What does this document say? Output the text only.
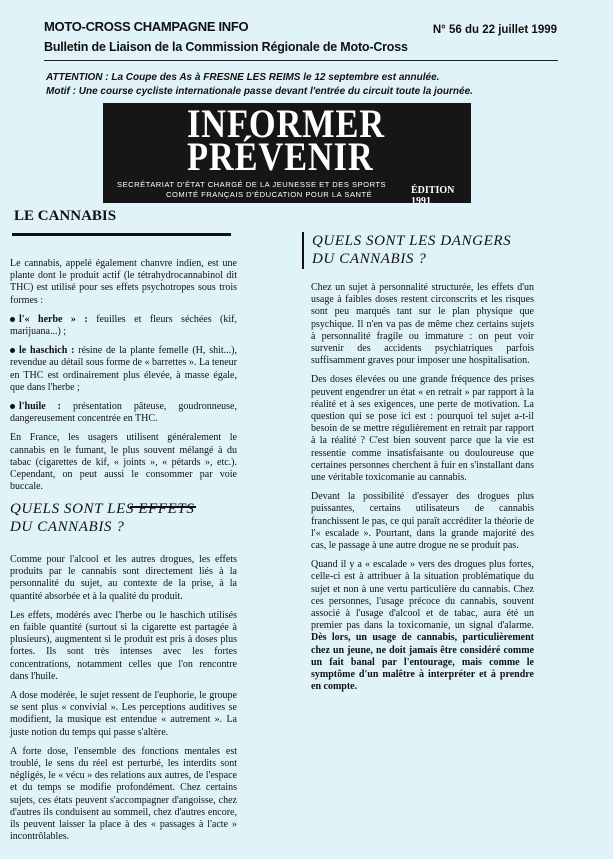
MOTO-CROSS CHAMPAGNE INFO
Bulletin de Liaison de la Commission Régionale de Moto-Cross
N° 56 du 22 juillet 1999
ATTENTION : La Coupe des As à FRESNE LES REIMS le 12 septembre est annulée.
Motif : Une course cycliste internationale passe devant l'entrée du circuit toute la journée.
INFORMER
PRÉVENIR
SECRÉTARIAT D'ÉTAT CHARGÉ DE LA JEUNESSE ET DES SPORTS
COMITÉ FRANÇAIS D'ÉDUCATION POUR LA SANTÉ	ÉDITION 1991
LE CANNABIS

Le cannabis, appelé également chanvre indien, est une plante dont le produit actif (le tétrahydrocannabinol dit THC) est utilisé pour ses effets psychotropes sous trois formes :

l'« herbe » : feuilles et fleurs séchées (kif, marijuana...) ;

le haschich : résine de la plante femelle (H, shit...), revendue au détail sous forme de « barrettes ». La teneur en THC est ordinairement plus élevée, à masse égale, que dans l'herbe ;

l'huile : présentation pâteuse, goudronneuse, dangereusement concentrée en THC.

En France, les usagers utilisent généralement le cannabis en le fumant, le plus souvent mélangé à du tabac (cigarettes de kif, « joints », « pétards », etc.). Cependant, on peut aussi le consommer par voie buccale.

QUELS SONT LES EFFETS DU CANNABIS ?

Comme pour l'alcool et les autres drogues, les effets produits par le cannabis sont directement liés à la personnalité du sujet, au contexte de la prise, à la quantité absorbée et à la qualité du produit.

Les effets, modérés avec l'herbe ou le haschich utilisés en faible quantité (surtout si la cigarette est partagée à plusieurs), augmentent si le produit est pris à doses plus fortes. Ils sont très intenses avec les fortes concentrations, notamment celles que l'on rencontre dans l'huile.

A dose modérée, le sujet ressent de l'euphorie, le groupe se sent plus « convivial ». Les perceptions auditives se modifient, la musique est entendue « autrement ». La juste notion du temps qui passe s'altère.

A forte dose, l'ensemble des fonctions mentales est troublé, le sens du réel est perturbé, les interdits sont négligés, le « vécu » des relations aux autres, de l'espace et du temps se modifie profondément. Chez certains sujets, ces états peuvent s'accompagner d'angoisse, chez d'autres ils conduisent au sommeil, chez d'autres encore, ils peuvent laisser la place à des « passages à l'acte » incontrôlables.

QUELS SONT LES DANGERS DU CANNABIS ?

Chez un sujet à personnalité structurée, les effets d'un usage à faibles doses restent circonscrits et les risques sont peu marqués tant sur le plan physique que psychique. Il n'en va pas de même chez certains sujets à personnalité fragile ou immature : on peut voir survenir des accidents psychiatriques parfois suffisamment graves pour imposer une hospitalisation.

Des doses élevées ou une grande fréquence des prises peuvent engendrer un état « en retrait » par rapport à la réalité et à ses exigences, une perte de motivation. La question qui se pose ici est : pourquoi tel sujet a-t-il besoin de se mettre régulièrement en retrait par rapport à la réalité ? C'est bien souvent parce que la vie est ressentie comme insatisfaisante ou douloureuse que certaines personnes cherchent à fuir en s'installant dans une véritable toxicomanie au cannabis.

Devant la possibilité d'essayer des drogues plus puissantes, certains utilisateurs de cannabis franchissent le pas, ce qui paraît accréditer la théorie de l'« escalade ». Pourtant, dans la grande majorité des cas, le passage à une autre drogue ne se produit pas.

Quand il y a « escalade » vers des drogues plus fortes, celle-ci est à attribuer à la situation problématique du sujet et non à une vertu particulière du cannabis. Chez ces personnes, l'usage précoce du cannabis, souvent associé à l'usage d'alcool et de tabac, aura été un premier pas dans la toxicomanie, un signal d'alarme. Dès lors, un usage de cannabis, particulièrement chez un jeune, ne doit jamais être considéré comme un fait banal par l'entourage, mais comme le symptôme d'un malêtre à interpréter et à prendre en compte.
